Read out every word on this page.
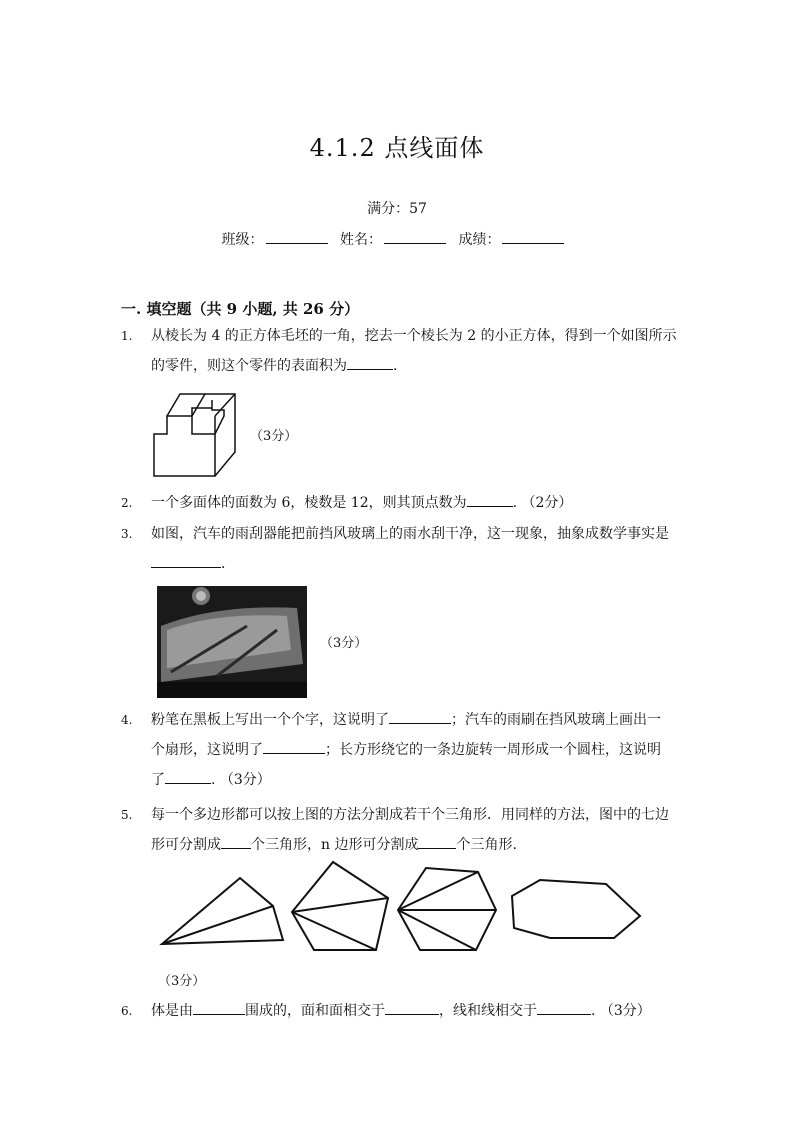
4.1.2 点线面体
满分：57
班级：	姓名：	成绩：
一. 填空题（共 9 小题, 共 26 分）
1. 从棱长为 4 的正方体毛坯的一角，挖去一个棱长为 2 的小正方体，得到一个如图所示
的零件，则这个零件的表面积为	.
（3分）
2. 一个多面体的面数为 6，棱数是 12，则其顶点数为	. （2分）
3. 如图，汽车的雨刮器能把前挡风玻璃上的雨水刮干净，这一现象，抽象成数学事实是
.
（3分）
4. 粉笔在黑板上写出一个个字，这说明了	；汽车的雨刷在挡风玻璃上画出一
个扇形，这说明了	；长方形绕它的一条边旋转一周形成一个圆柱，这说明
了	. （3分）
5. 每一个多边形都可以按上图的方法分割成若干个三角形．用同样的方法，图中的七边
形可分割成 个三角形，n 边形可分割成	个三角形.
（3分）
6. 体是由	围成的，面和面相交于	，线和线相交于	. （3分）
